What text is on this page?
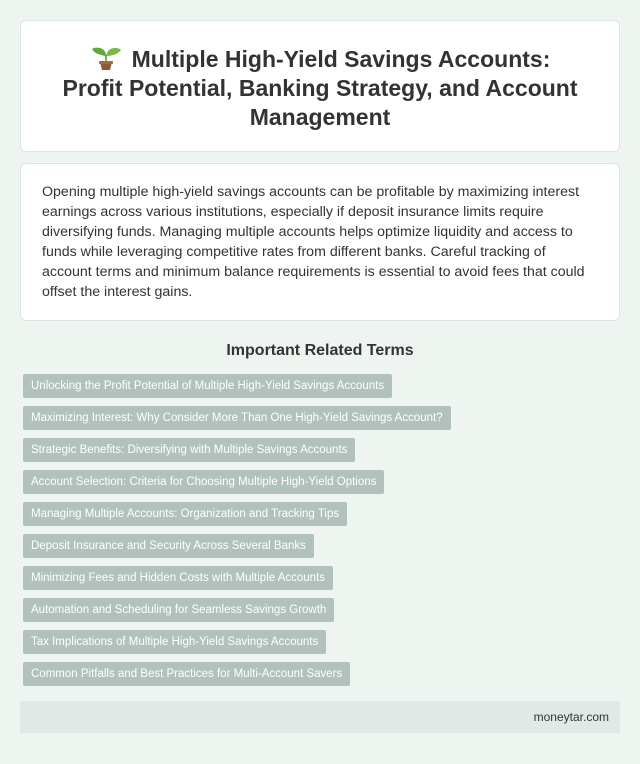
Multiple High-Yield Savings Accounts: Profit Potential, Banking Strategy, and Account Management

Opening multiple high-yield savings accounts can be profitable by maximizing interest earnings across various institutions, especially if deposit insurance limits require diversifying funds. Managing multiple accounts helps optimize liquidity and access to funds while leveraging competitive rates from different banks. Careful tracking of account terms and minimum balance requirements is essential to avoid fees that could offset the interest gains.

Important Related Terms
Unlocking the Profit Potential of Multiple High-Yield Savings Accounts
Maximizing Interest: Why Consider More Than One High-Yield Savings Account?
Strategic Benefits: Diversifying with Multiple Savings Accounts
Account Selection: Criteria for Choosing Multiple High-Yield Options
Managing Multiple Accounts: Organization and Tracking Tips
Deposit Insurance and Security Across Several Banks
Minimizing Fees and Hidden Costs with Multiple Accounts
Automation and Scheduling for Seamless Savings Growth
Tax Implications of Multiple High-Yield Savings Accounts
Common Pitfalls and Best Practices for Multi-Account Savers
moneytar.com
